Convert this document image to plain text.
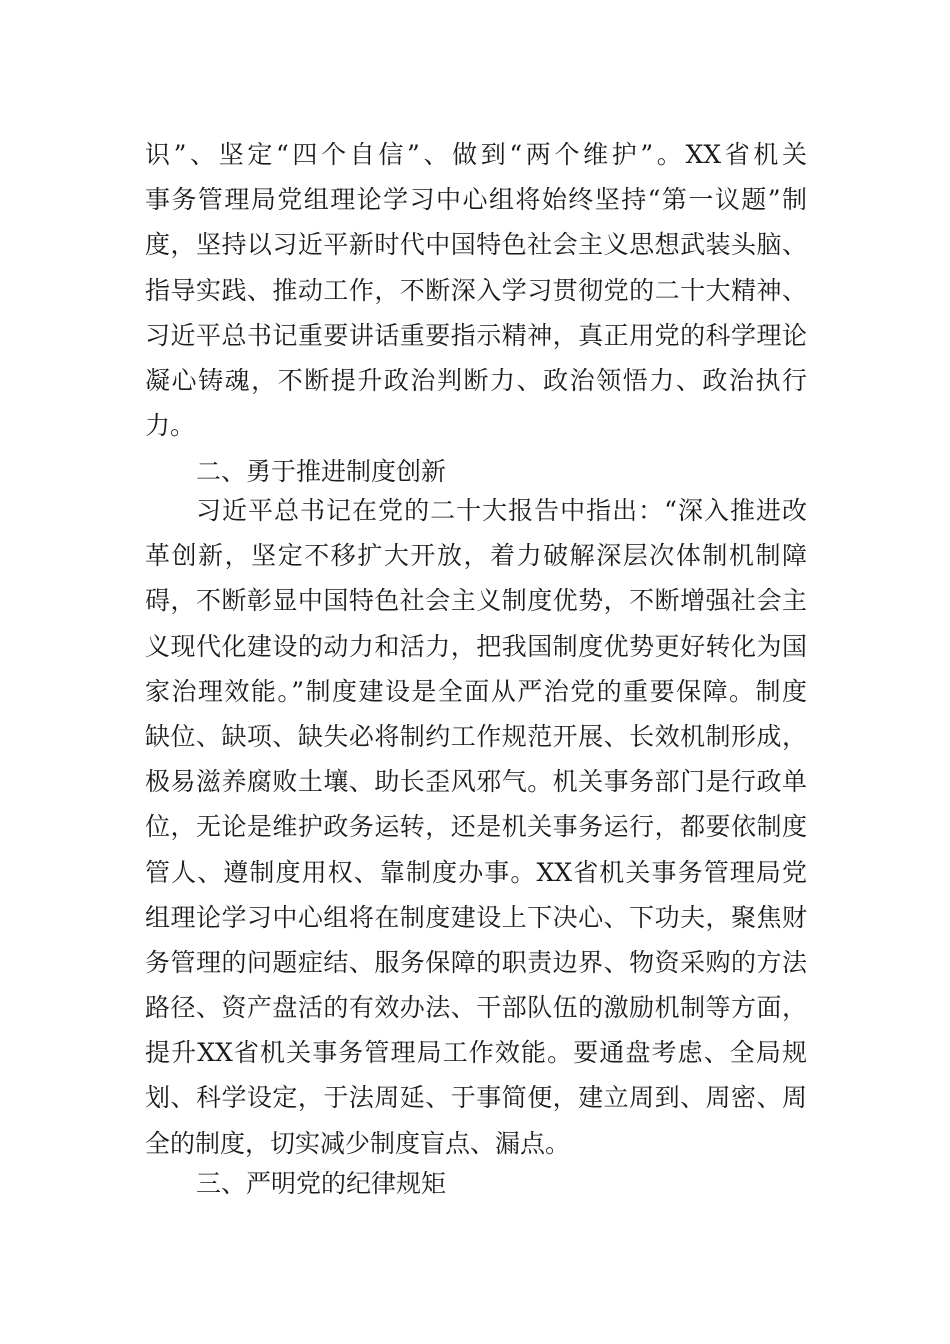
识”、坚定“四个自信”、做到“两个维护”。XX省机关
事务管理局党组理论学习中心组将始终坚持“第一议题”制
度，坚持以习近平新时代中国特色社会主义思想武装头脑、
指导实践、推动工作，不断深入学习贯彻党的二十大精神、
习近平总书记重要讲话重要指示精神，真正用党的科学理论
凝心铸魂，不断提升政治判断力、政治领悟力、政治执行
力。
二、勇于推进制度创新
习近平总书记在党的二十大报告中指出：“深入推进改
革创新，坚定不移扩大开放，着力破解深层次体制机制障
碍，不断彰显中国特色社会主义制度优势，不断增强社会主
义现代化建设的动力和活力，把我国制度优势更好转化为国
家治理效能。”制度建设是全面从严治党的重要保障。制度
缺位、缺项、缺失必将制约工作规范开展、长效机制形成，
极易滋养腐败土壤、助长歪风邪气。机关事务部门是行政单
位，无论是维护政务运转，还是机关事务运行，都要依制度
管人、遵制度用权、靠制度办事。XX省机关事务管理局党
组理论学习中心组将在制度建设上下决心、下功夫，聚焦财
务管理的问题症结、服务保障的职责边界、物资采购的方法
路径、资产盘活的有效办法、干部队伍的激励机制等方面，
提升XX省机关事务管理局工作效能。要通盘考虑、全局规
划、科学设定，于法周延、于事简便，建立周到、周密、周
全的制度，切实减少制度盲点、漏点。
三、严明党的纪律规矩
